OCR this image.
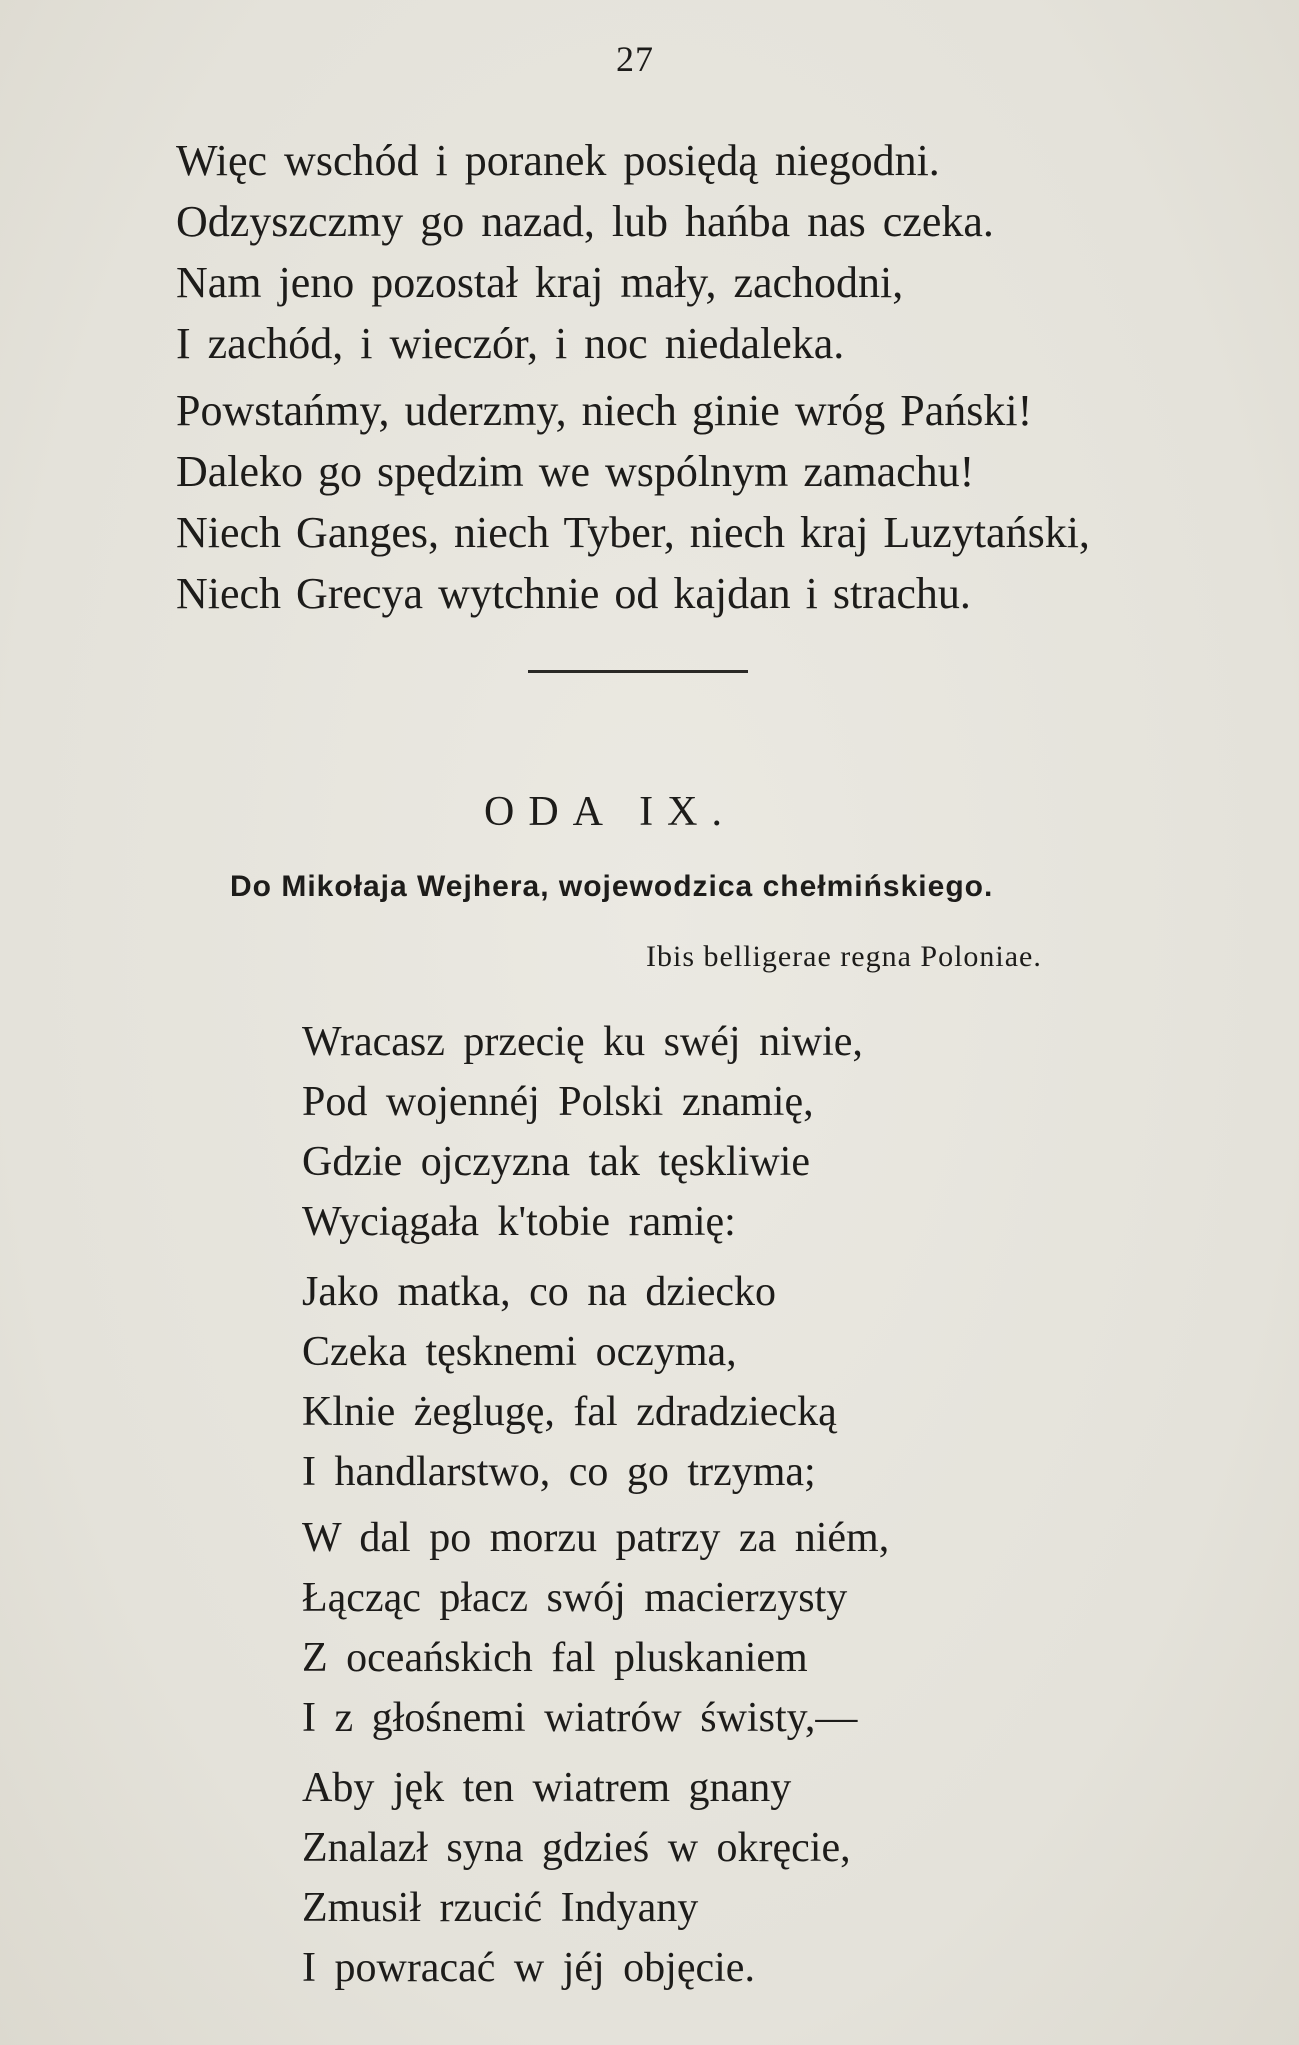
27
Więc wschód i poranek posiędą niegodni.
Odzyszczmy go nazad, lub hańba nas czeka.
Nam jeno pozostał kraj mały, zachodni,
I zachód, i wieczór, i noc niedaleka.
Powstańmy, uderzmy, niech ginie wróg Pański!
Daleko go spędzim we wspólnym zamachu!
Niech Ganges, niech Tyber, niech kraj Luzytański,
Niech Grecya wytchnie od kajdan i strachu.
ODA IX.
Do Mikołaja Wejhera, wojewodzica chełmińskiego.
Ibis belligerae regna Poloniae.
Wracasz przecię ku swéj niwie,
Pod wojennéj Polski znamię,
Gdzie ojczyzna tak tęskliwie
Wyciągała k'tobie ramię:
Jako matka, co na dziecko
Czeka tęsknemi oczyma,
Klnie żeglugę, fal zdradziecką
I handlarstwo, co go trzyma;
W dal po morzu patrzy za niém,
Łącząc płacz swój macierzysty
Z oceańskich fal pluskaniem
I z głośnemi wiatrów świsty,—
Aby jęk ten wiatrem gnany
Znalazł syna gdzieś w okręcie,
Zmusił rzucić Indyany
I powracać w jéj objęcie.
